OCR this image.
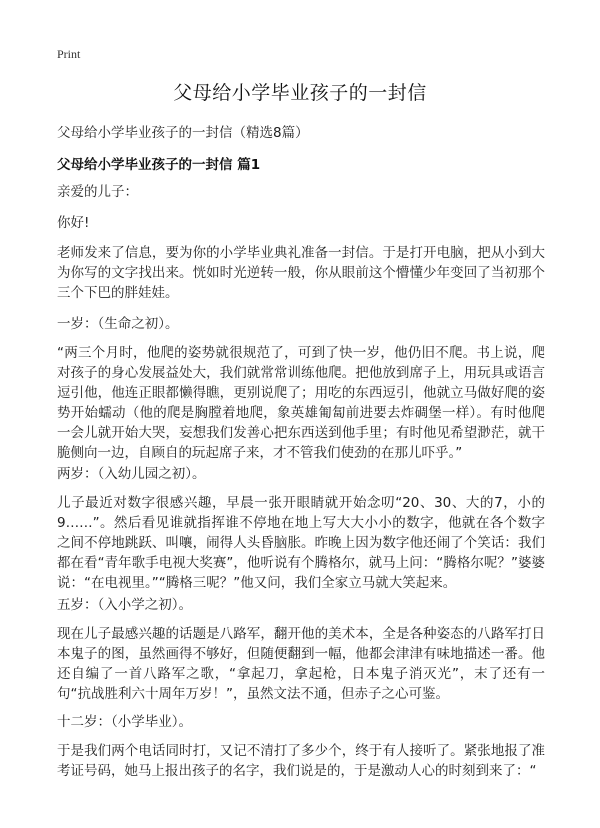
Print
父母给小学毕业孩子的一封信
父母给小学毕业孩子的一封信（精选8篇）
父母给小学毕业孩子的一封信 篇1
亲爱的儿子：
你好!
老师发来了信息，要为你的小学毕业典礼准备一封信。于是打开电脑，把从小到大为你写的文字找出来。恍如时光逆转一般，你从眼前这个懵懂少年变回了当初那个三个下巴的胖娃娃。
一岁：（生命之初）。
“两三个月时，他爬的姿势就很规范了，可到了快一岁，他仍旧不爬。书上说，爬对孩子的身心发展益处大，我们就常常训练他爬。把他放到席子上，用玩具或语言逗引他，他连正眼都懒得瞧，更别说爬了；用吃的东西逗引，他就立马做好爬的姿势开始蠕动（他的爬是胸膛着地爬，象英雄匍匐前进要去炸碉堡一样）。有时他爬一会儿就开始大哭，妄想我们发善心把东西送到他手里；有时他见希望渺茫，就干脆侧向一边，自顾自的玩起席子来，才不管我们使劲的在那儿吓乎。”
两岁：（入幼儿园之初）。
儿子最近对数字很感兴趣，早晨一张开眼睛就开始念叨“20、30、大的7，小的9……”。然后看见谁就指挥谁不停地在地上写大大小小的数字，他就在各个数字之间不停地跳跃、叫嚷，闹得人头昏脑胀。昨晚上因为数字他还闹了个笑话：我们都在看“青年歌手电视大奖赛”，他听说有个腾格尔，就马上问：“腾格尔呢？”婆婆说：“在电视里。”“腾格三呢？”他又问，我们全家立马就大笑起来。
五岁：（入小学之初）。
现在儿子最感兴趣的话题是八路军，翻开他的美术本，全是各种姿态的八路军打日本鬼子的图，虽然画得不够好，但随便翻到一幅，他都会津津有味地描述一番。他还自编了一首八路军之歌，“拿起刀，拿起枪，日本鬼子消灭光”，末了还有一句“抗战胜利六十周年万岁！”，虽然文法不通，但赤子之心可鉴。
十二岁：（小学毕业）。
于是我们两个电话同时打，又记不清打了多少个，终于有人接听了。紧张地报了准考证号码，她马上报出孩子的名字，我们说是的，于是激动人心的时刻到来了：“
